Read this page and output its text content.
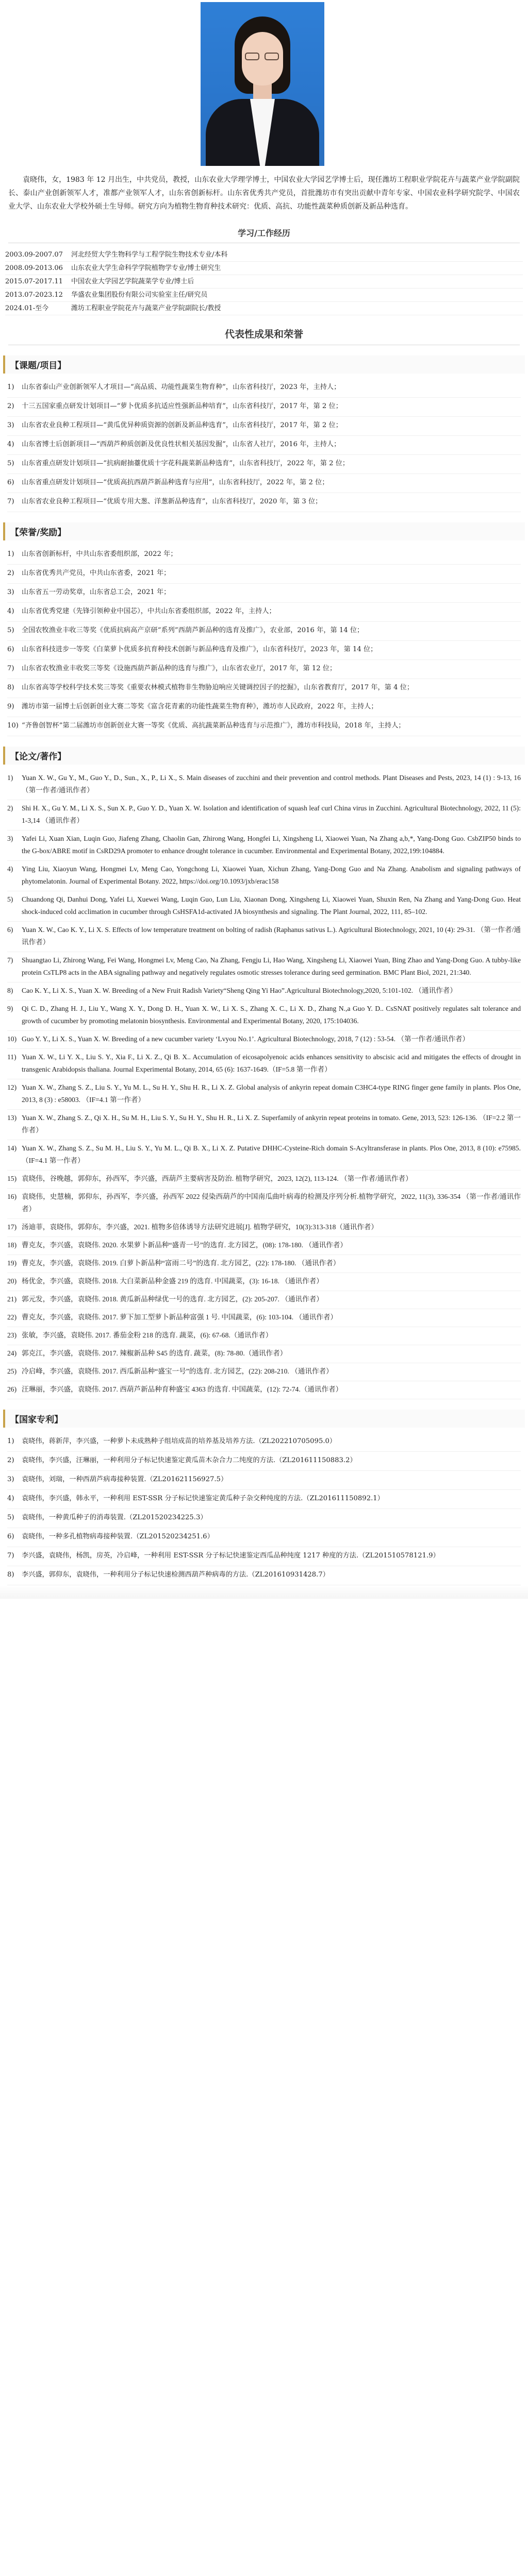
袁晓伟，女，1983 年 12 月出生，中共党员，教授，山东农业大学理学博士，中国农业大学园艺学博士后，现任潍坊工程职业学院花卉与蔬菜产业学院副院长、泰山产业创新领军人才，准都产业领军人才，山东省创新标杆。山东省优秀共产党员，首批潍坊市有突出贡献中青年专家、中国农业科学研究院学、中国农业大学、山东农业大学校外硕士生导师。研究方向为植物生物育种技术研究：优质、高抗、功能性蔬菜种质创新及新品种选育。

学习/工作经历
2003.09-2007.07	河北经贸大学生物科学与工程学院生物技术专业/本科
2008.09-2013.06	山东农业大学生命科学学院植物学专业/博士研究生
2015.07-2017.11	中国农业大学园艺学院蔬菜学专业/博士后
2013.07-2023.12	华盛农业集团股份有限公司实验室主任/研究员
2024.01-至今	潍坊工程职业学院花卉与蔬菜产业学院副院长/教授
代表性成果和荣誉
【课题/项目】
1)	山东省泰山产业创新领军人才项目—“高品质、功能性蔬菜生物育种”，山东省科技厅，2023 年，主持人；
2)	十三五国家重点研发计划项目—“萝卜优质多抗适应性强新品种培育”，山东省科技厅，2017 年，第 2 位；
3)	山东省农业良种工程项目—“黄瓜优异种质资源的创新及新品种选育”，山东省科技厅，2017 年，第 2 位；
4)	山东省博士后创新项目—“西葫芦种质创新及优良性状相关基因发掘”，山东省人社厅，2016 年，主持人；
5)	山东省重点研发计划项目—“抗病耐抽薹优质十字花科蔬菜新品种选育”，山东省科技厅，2022 年，第 2 位；
6)	山东省重点研发计划项目—“优质高抗西葫芦新品种选育与应用”，山东省科技厅，2022 年，第 2 位；
7)	山东省农业良种工程项目—“优质专用大葱、洋葱新品种选育”，山东省科技厅，2020 年，第 3 位；
【荣誉/奖励】
1)	山东省创新标杆，中共山东省委组织部，2022 年；
2)	山东省优秀共产党员，中共山东省委，2021 年；
3)	山东省五一劳动奖章，山东省总工会，2021 年；
4)	山东省优秀党建（先锋引领种业中国芯），中共山东省委组织部，2022 年，主持人；
5)	全国农牧渔业丰收三等奖《优质抗病高产京研“系列”西葫芦新品种的选育及推广》，农业部，2016 年，第 14 位；
6)	山东省科技进步一等奖《白菜萝卜优质多抗育种技术创新与新品种选育及推广》，山东省科技厅，2023 年，第 14 位；
7)	山东省农牧渔业丰收奖三等奖《设施西葫芦新品种的选育与推广》，山东省农业厅，2017 年，第 12 位；
8)	山东省高等学校科学技术奖三等奖《重要农林模式植物非生物胁迫响应关键调控因子的挖掘》，山东省教育厅，2017 年，第 4 位；
9)	潍坊市第一届博士后创新创业大赛二等奖《富含花青素的功能性蔬菜生物育种》，潍坊市人民政府，2022 年，主持人；
10) “齐鲁创智杯”第二届潍坊市创新创业大赛一等奖《优质、高抗蔬菜新品种选育与示范推广》，潍坊市科技局，2018 年，主持人；
【论文/著作】
1)	Yuan X. W., Gu Y., M., Guo Y., D., Sun., X., P., Li X., S. Main diseases of zucchini and their prevention and control methods. Plant Diseases and Pests, 2023, 14 (1) : 9-13, 16 （第一作者/通讯作者）
2)	Shi H. X., Gu Y. M., Li X. S., Sun X. P., Guo Y. D., Yuan X. W. Isolation and identification of squash leaf curl China virus in Zucchini. Agricultural Biotechnology, 2022, 11 (5): 1-3,14 （通讯作者）
3)	Yafei Li, Xuan Xian, Luqin Guo, Jiafeng Zhang, Chaolin Gan, Zhirong Wang, Hongfei Li, Xingsheng Li, Xiaowei Yuan, Na Zhang a,b,*, Yang-Dong Guo. CsbZIP50 binds to the G-box/ABRE motif in CsRD29A promoter to enhance drought tolerance in cucumber. Environmental and Experimental Botany, 2022,199:104884.
4)	Ying Liu, Xiaoyun Wang, Hongmei Lv, Meng Cao, Yongchong Li, Xiaowei Yuan, Xichun Zhang, Yang-Dong Guo and Na Zhang. Anabolism and signaling pathways of phytomelatonin. Journal of Experimental Botany. 2022, https://doi.org/10.1093/jxb/erac158
5)	Chuandong Qi, Danhui Dong, Yafei Li, Xuewei Wang, Luqin Guo, Lun Liu, Xiaonan Dong, Xingsheng Li, Xiaowei Yuan, Shuxin Ren, Na Zhang and Yang-Dong Guo. Heat shock-induced cold acclimation in cucumber through CsHSFA1d-activated JA biosynthesis and signaling. The Plant Journal, 2022, 111, 85–102.
6)	Yuan X. W., Cao K. Y., Li X. S. Effects of low temperature treatment on bolting of radish (Raphanus sativus L.). Agricultural Biotechnology, 2021, 10 (4): 29-31. （第一作者/通讯作者）
7)	Shuangtao Li, Zhirong Wang, Fei Wang, Hongmei Lv, Meng Cao, Na Zhang, Fengju Li, Hao Wang, Xingsheng Li, Xiaowei Yuan, Bing Zhao and Yang-Dong Guo. A tubby-like protein CsTLP8 acts in the ABA signaling pathway and negatively regulates osmotic stresses tolerance during seed germination. BMC Plant Biol, 2021, 21:340.
8)	Cao K. Y., Li X. S., Yuan X. W. Breeding of a New Fruit Radish Variety“Sheng Qing Yi Hao”.Agricultural Biotechnology,2020, 5:101-102. （通讯作者）
9)	Qi C. D., Zhang H. J., Liu Y., Wang X. Y., Dong D. H., Yuan X. W., Li X. S., Zhang X. C., Li X. D., Zhang N.,a Guo Y. D.. CsSNAT positively regulates salt tolerance and growth of cucumber by promoting melatonin biosynthesis. Environmental and Experimental Botany, 2020, 175:104036.
10) Guo Y. Y., Li X. S., Yuan X. W. Breeding of a new cucumber variety ‘Lvyou No.1’. Agricultural Biotechnology, 2018, 7 (12) : 53-54. （第一作者/通讯作者）
11) Yuan X. W., Li Y. X., Liu S. Y., Xia F., Li X. Z., Qi B. X.. Accumulation of eicosapolyenoic acids enhances sensitivity to abscisic acid and mitigates the effects of drought in transgenic Arabidopsis thaliana. Journal Experimental Botany, 2014, 65 (6): 1637-1649.（IF=5.8 第一作者）
12) Yuan X. W., Zhang S. Z., Liu S. Y., Yu M. L., Su H. Y., Shu H. R., Li X. Z. Global analysis of ankyrin repeat domain C3HC4-type RING finger gene family in plants. Plos One, 2013, 8 (3) : e58003. （IF=4.1 第一作者）
13) Yuan X. W., Zhang S. Z., Qi X. H., Su M. H., Liu S. Y., Su H. Y., Shu H. R., Li X. Z. Superfamily of ankyrin repeat proteins in tomato. Gene, 2013, 523: 126-136. （IF=2.2 第一作者）
14) Yuan X. W., Zhang S. Z., Su M. H., Liu S. Y., Yu M. L., Qi B. X., Li X. Z. Putative DHHC-Cysteine-Rich domain S-Acyltransferase in plants. Plos One, 2013, 8 (10): e75985. （IF=4.1 第一作者）
15) 袁晓伟，谷晚越，郭仰东，孙西军，李兴盛，西葫芦主要病害及防治. 植物学研究，2023, 12(2), 113-124. （第一作者/通讯作者）
16) 袁晓伟，史慧楠，郭仰东，孙西军，李兴盛，孙西军 2022 侵染西葫芦的中国南瓜曲叶病毒的检测及序列分析.植物学研究，2022, 11(3), 336-354 （第一作者/通讯作者）
17) 汤迪菲，袁晓伟，郭仰东，李兴盛，2021. 植物多倍体诱导方法研究进展[J]. 植物学研究，10(3):313-318（通讯作者）
18) 曹克友，李兴盛，袁晓伟. 2020. 水果萝卜新品种“盛青一号”的选育. 北方园艺，(08): 178-180. （通讯作者）
19) 曹克友，李兴盛，袁晓伟. 2019. 白萝卜新品种“富雨二号”的选育. 北方园艺，(22): 178-180. （通讯作者）
20) 杨优金，李兴盛，袁晓伟. 2018. 大白菜新品种金盛 219 的选育. 中国蔬菜，(3): 16-18. （通讯作者）
21) 郭元发，李兴盛，袁晓伟. 2018. 黄瓜新品种绿优一号的选育. 北方园艺，(2): 205-207. （通讯作者）
22) 曹克友，李兴盛，袁晓伟. 2017. 萝下加工型萝卜新品种富强 1 号. 中国蔬菜，(6): 103-104. （通讯作者）
23) 张敏，李兴盛，袁晓伟. 2017. 番茄金粉 218 的选育. 蔬菜，(6): 67-68.（通讯作者）
24) 郭克江，李兴盛，袁晓伟. 2017. 辣椒新品种 S45 的选育. 蔬菜，(8): 78-80.（通讯作者）
25) 冷启峰，李兴盛，袁晓伟. 2017. 西瓜新品种“盛宝一号”的选育. 北方园艺，(22): 208-210. （通讯作者）
26) 汪琳丽，李兴盛，袁晓伟. 2017. 西葫芦新品种育种盛宝 4363 的选育. 中国蔬菜，(12): 72-74.（通讯作者）
【国家专利】
1)	袁晓伟，蒋新萍，李兴盛，一种萝卜未成熟种子组培成苗的培养基及培养方法.（ZL202210705095.0）
2)	袁晓伟，李兴盛，汪琳丽，一种利用分子标记快速鉴定黄瓜苗木杂合力二纯度的方法.（ZL201611150883.2）
3)	袁晓伟，刘瑞，一种西葫芦病毒接种装置.（ZL201621156927.5）
4)	袁晓伟，李兴盛，韩永平，一种利用 EST-SSR 分子标记快速鉴定黄瓜种子杂交种纯度的方法.（ZL201611150892.1）
5)	袁晓伟，一种黄瓜种子的消毒装置.（ZL201520234225.3）
6)	袁晓伟，一种多孔植物病毒接种装置.（ZL201520234251.6）
7)	李兴盛，袁晓伟，杨凯，房英，冷启峰，一种利用 EST-SSR 分子标记快速鉴定西瓜品种纯度 1217 种度的方法.（ZL201510578121.9）
8)	李兴盛，郭仰东，袁晓伟，一种利用分子标记快速检测西葫芦种病毒的方法.（ZL201610931428.7）
